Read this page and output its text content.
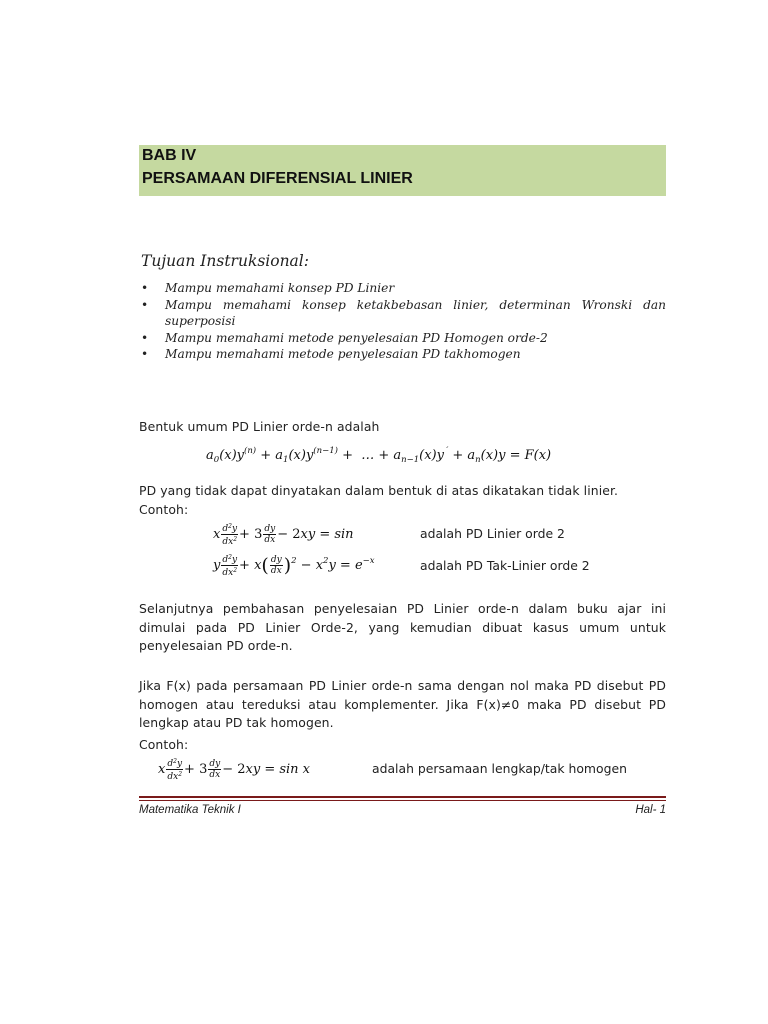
BAB IV
PERSAMAAN DIFERENSIAL LINIER
Tujuan Instruksional:
• Mampu memahami konsep PD Linier
• Mampu memahami konsep ketakbebasan linier, determinan Wronski dan superposisi
• Mampu memahami metode penyelesaian PD Homogen orde-2
• Mampu memahami metode penyelesaian PD takhomogen
Bentuk umum PD Linier orde-n adalah
$a_0(x)y^{(n)} + a_1(x)y^{(n-1)}$ +  … + $a_{n-1}(x)y^´ + a_n(x)y = F(x)$
PD yang tidak dapat dinyatakan dalam bentuk di atas dikatakan tidak linier.
Contoh:
x $\frac{d^2y}{dx^2} + 3 \frac{dy}{dx} - 2xy = \sin$	adalah PD Linier orde 2
y $\frac{d^2y}{dx^2} + x( \frac{dy}{dx} )^2 - x^2y = e^{-x}$	adalah PD Tak-Linier orde 2
Selanjutnya pembahasan penyelesaian PD Linier orde-n dalam buku ajar ini dimulai pada PD Linier Orde-2, yang kemudian dibuat kasus umum untuk penyelesaian PD orde-n.
Jika F(x) pada persamaan PD Linier orde-n sama dengan nol maka PD disebut PD homogen atau tereduksi atau komplementer. Jika F(x)≠0 maka PD disebut PD lengkap atau PD tak homogen.
Contoh:
x $\frac{d^2y}{dx^2} + 3 \frac{dy}{dx} - 2xy = \sin x$	adalah persamaan lengkap/tak homogen
Matematika Teknik I	Hal- 1
